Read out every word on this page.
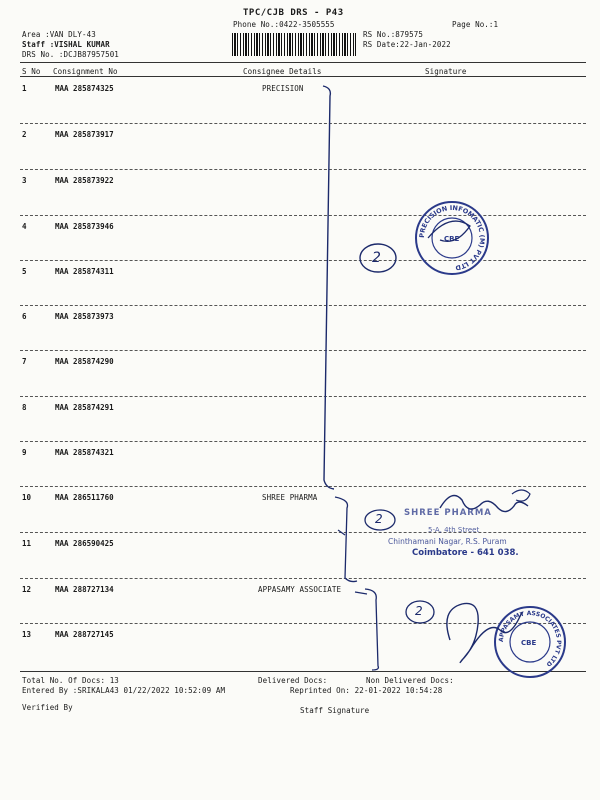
TPC/CJB DRS - P43
Phone No.:0422-3505555
Area :VAN DLY-43
Staff :VISHAL KUMAR
DRS No. :DCJB87957501
RS No.:879575
RS Date:22-Jan-2022
Page No.:1
S No Consignment No	Consignee Details	Signature
1	MAA 285874325	PRECISION
2	MAA 285873917
3	MAA 285873922
4	MAA 285873946
5	MAA 285874311
6	MAA 285873973
7	MAA 285874290
8	MAA 285874291
9	MAA 285874321
10	MAA 286511760	SHREE PHARMA
11	MAA 286590425
12	MAA 288727134	APPASAMY ASSOCIATE
13	MAA 288727145
Total No. Of Docs: 13	Delivered Docs:	Non Delivered Docs:
Entered By :SRIKALA43 01/22/2022 10:52:09 AM	Reprinted On: 22-01-2022 10:54:28
Verified By	Staff Signature
PRECISION INFOMATIC (M) PVT LTD
CBE
APPASAMY ASSOCIATES PVT LTD
CBE
2
2
2
SHREE PHARMA
5-A, 4th Street
Chinthamani Nagar, R.S. Puram
Coimbatore - 641 038.
